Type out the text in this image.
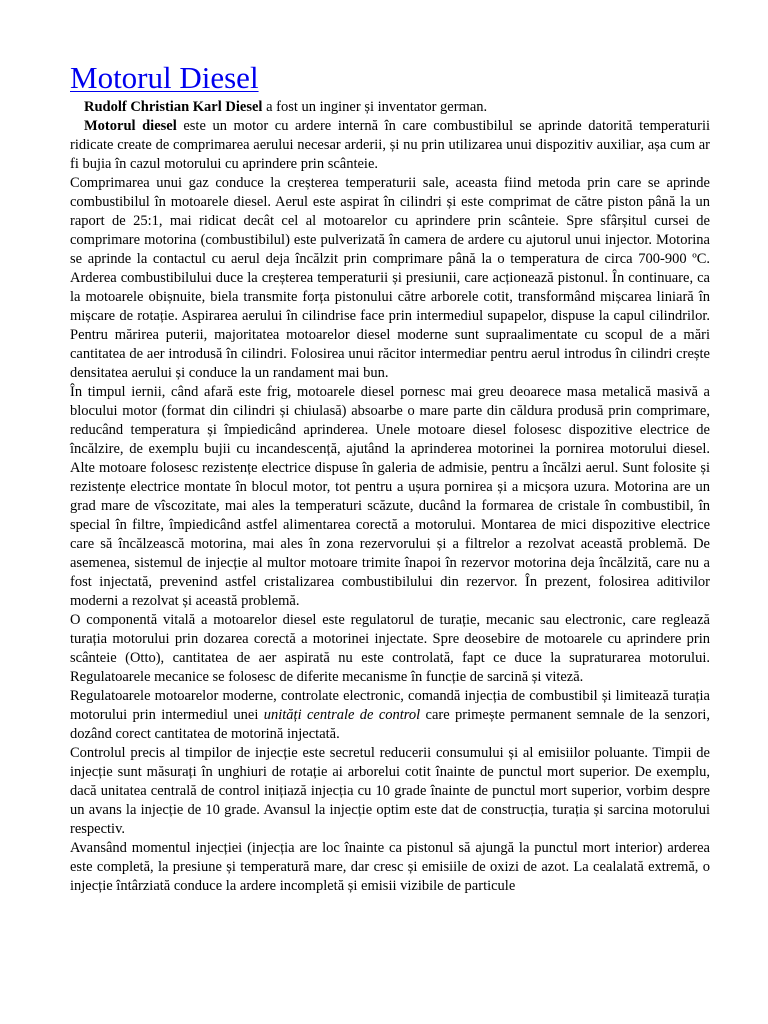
Motorul Diesel

Rudolf Christian Karl Diesel a fost un inginer și inventator german.

Motorul diesel este un motor cu ardere internă în care combustibilul se aprinde datorită temperaturii ridicate create de comprimarea aerului necesar arderii, și nu prin utilizarea unui dispozitiv auxiliar, așa cum ar fi bujia în cazul motorului cu aprindere prin scânteie.

Comprimarea unui gaz conduce la creșterea temperaturii sale, aceasta fiind metoda prin care se aprinde combustibilul în motoarele diesel. Aerul este aspirat în cilindri și este comprimat de către piston până la un raport de 25:1, mai ridicat decât cel al motoarelor cu aprindere prin scânteie. Spre sfârșitul cursei de comprimare motorina (combustibilul) este pulverizată în camera de ardere cu ajutorul unui injector. Motorina se aprinde la contactul cu aerul deja încălzit prin comprimare până la o temperatura de circa 700-900 ºC. Arderea combustibilului duce la creșterea temperaturii și presiunii, care acționează pistonul. În continuare, ca la motoarele obișnuite, biela transmite forța pistonului către arborele cotit, transformând mișcarea liniară în mișcare de rotație. Aspirarea aerului în cilindrise face prin intermediul supapelor, dispuse la capul cilindrilor. Pentru mărirea puterii, majoritatea motoarelor diesel moderne sunt supraalimentate cu scopul de a mări cantitatea de aer introdusă în cilindri. Folosirea unui răcitor intermediar pentru aerul introdus în cilindri crește densitatea aerului și conduce la un randament mai bun.

În timpul iernii, când afară este frig, motoarele diesel pornesc mai greu deoarece masa metalică masivă a blocului motor (format din cilindri și chiulasă) absoarbe o mare parte din căldura produsă prin comprimare, reducând temperatura și împiedicând aprinderea. Unele motoare diesel folosesc dispozitive electrice de încălzire, de exemplu bujii cu incandescență, ajutând la aprinderea motorinei la pornirea motorului diesel. Alte motoare folosesc rezistențe electrice dispuse în galeria de admisie, pentru a încălzi aerul. Sunt folosite și rezistențe electrice montate în blocul motor, tot pentru a ușura pornirea și a micșora uzura. Motorina are un grad mare de vîscozitate, mai ales la temperaturi scăzute, ducând la formarea de cristale în combustibil, în special în filtre, împiedicând astfel alimentarea corectă a motorului. Montarea de mici dispozitive electrice care să încălzească motorina, mai ales în zona rezervorului și a filtrelor a rezolvat această problemă. De asemenea, sistemul de injecție al multor motoare trimite înapoi în rezervor motorina deja încălzită, care nu a fost injectată, prevenind astfel cristalizarea combustibilului din rezervor. În prezent, folosirea aditivilor moderni a rezolvat și această problemă.

O componentă vitală a motoarelor diesel este regulatorul de turație, mecanic sau electronic, care reglează turația motorului prin dozarea corectă a motorinei injectate. Spre deosebire de motoarele cu aprindere prin scânteie (Otto), cantitatea de aer aspirată nu este controlată, fapt ce duce la supraturarea motorului. Regulatoarele mecanice se folosesc de diferite mecanisme în funcție de sarcină și viteză.

Regulatoarele motoarelor moderne, controlate electronic, comandă injecția de combustibil și limitează turația motorului prin intermediul unei unități centrale de control care primește permanent semnale de la senzori, dozând corect cantitatea de motorină injectată.

Controlul precis al timpilor de injecție este secretul reducerii consumului și al emisiilor poluante. Timpii de injecție sunt măsurați în unghiuri de rotație ai arborelui cotit înainte de punctul mort superior. De exemplu, dacă unitatea centrală de control inițiază injecția cu 10 grade înainte de punctul mort superior, vorbim despre un avans la injecție de 10 grade. Avansul la injecție optim este dat de construcția, turația și sarcina motorului respectiv.

Avansând momentul injecției (injecția are loc înainte ca pistonul să ajungă la punctul mort interior) arderea este completă, la presiune și temperatură mare, dar cresc și emisiile de oxizi de azot. La cealalată extremă, o injecție întârziată conduce la ardere incompletă și emisii vizibile de particule
